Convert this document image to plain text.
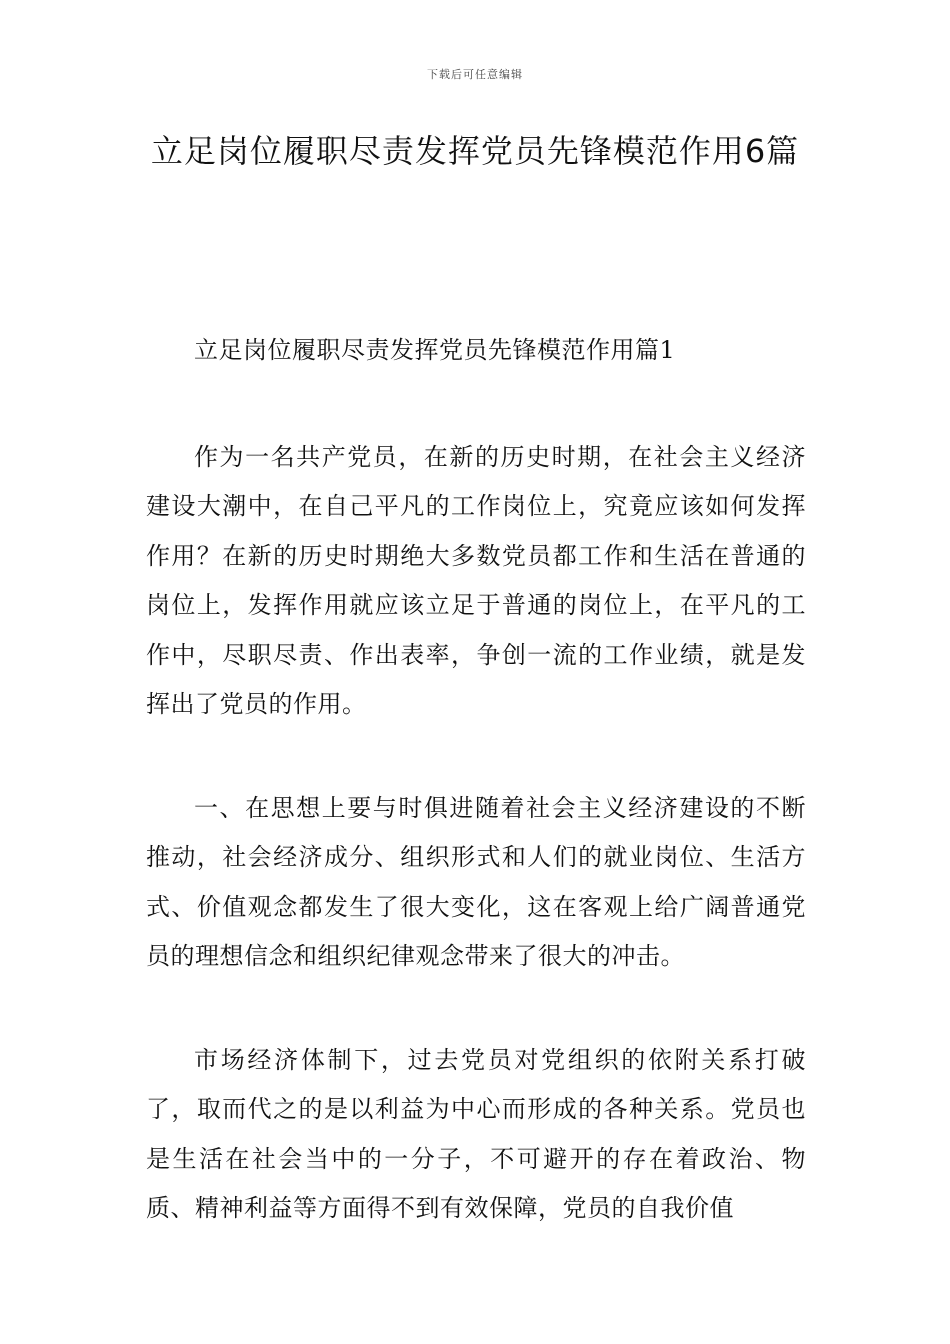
下载后可任意编辑
立足岗位履职尽责发挥党员先锋模范作用6篇

立足岗位履职尽责发挥党员先锋模范作用篇1

作为一名共产党员，在新的历史时期，在社会主义经济建设大潮中，在自己平凡的工作岗位上，究竟应该如何发挥作用？在新的历史时期绝大多数党员都工作和生活在普通的岗位上，发挥作用就应该立足于普通的岗位上，在平凡的工作中，尽职尽责、作出表率，争创一流的工作业绩，就是发挥出了党员的作用。

一、在思想上要与时俱进随着社会主义经济建设的不断推动，社会经济成分、组织形式和人们的就业岗位、生活方式、价值观念都发生了很大变化，这在客观上给广阔普通党员的理想信念和组织纪律观念带来了很大的冲击。

市场经济体制下，过去党员对党组织的依附关系打破了，取而代之的是以利益为中心而形成的各种关系。党员也是生活在社会当中的一分子，不可避开的存在着政治、物质、精神利益等方面得不到有效保障，党员的自我价值
